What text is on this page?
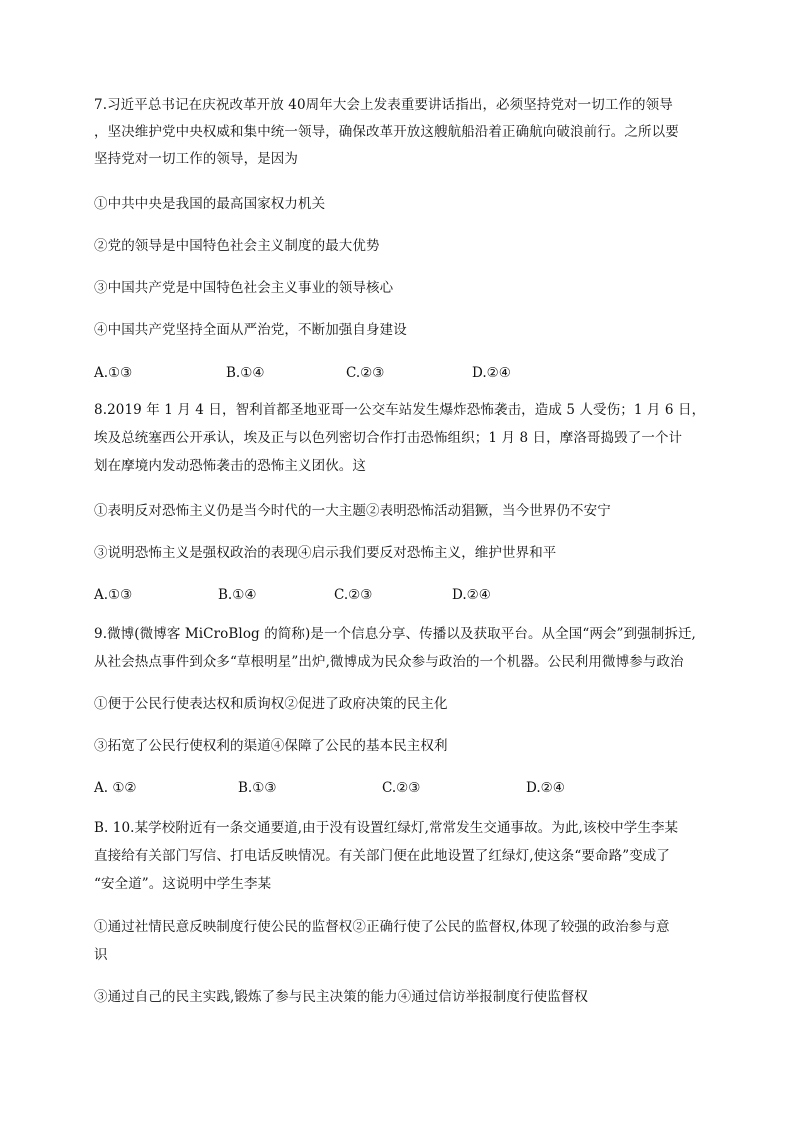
7.习近平总书记在庆祝改革开放 40周年大会上发表重要讲话指出，必须坚持党对一切工作的领导
，坚决维护党中央权威和集中统一领导，确保改革开放这艘航船沿着正确航向破浪前行。之所以要
坚持党对一切工作的领导，是因为
①中共中央是我国的最高国家权力机关
②党的领导是中国特色社会主义制度的最大优势
③中国共产党是中国特色社会主义事业的领导核心
④中国共产党坚持全面从严治党，不断加强自身建设
A.①③	B.①④	C.②③	D.②④
8.2019 年 1 月 4 日，智利首都圣地亚哥一公交车站发生爆炸恐怖袭击，造成 5 人受伤；1 月 6 日，
埃及总统塞西公开承认，埃及正与以色列密切合作打击恐怖组织；1 月 8 日，摩洛哥捣毁了一个计
划在摩境内发动恐怖袭击的恐怖主义团伙。这
①表明反对恐怖主义仍是当今时代的一大主题②表明恐怖活动猖獗，当今世界仍不安宁
③说明恐怖主义是强权政治的表现④启示我们要反对恐怖主义，维护世界和平
A.①③	B.①④	C.②③	D.②④
9.微博(微博客 MiCroBlog 的简称)是一个信息分享、传播以及获取平台。从全国“两会”到强制拆迁,
从社会热点事件到众多“草根明星”出炉,微博成为民众参与政治的一个机器。公民利用微博参与政治
①便于公民行使表达权和质询权②促进了政府决策的民主化
③拓宽了公民行使权利的渠道④保障了公民的基本民主权利
A. ①②	B.①③	C.②③	D.②④
B. 10.某学校附近有一条交通要道,由于没有设置红绿灯,常常发生交通事故。为此,该校中学生李某
直接给有关部门写信、打电话反映情况。有关部门便在此地设置了红绿灯,使这条“要命路”变成了
“安全道”。这说明中学生李某
①通过社情民意反映制度行使公民的监督权②正确行使了公民的监督权,体现了较强的政治参与意
识
③通过自己的民主实践,锻炼了参与民主决策的能力④通过信访举报制度行使监督权
